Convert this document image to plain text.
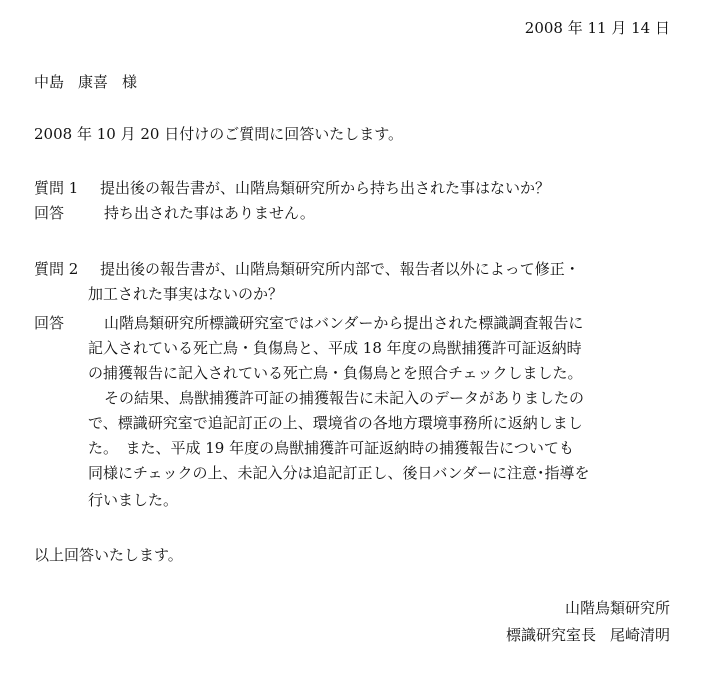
2008 年 11 月 14 日
中島 康喜 様
2008 年 10 月 20 日付けのご質問に回答いたします。
質問 1 提出後の報告書が、山階鳥類研究所から持ち出された事はないか？
回答	持ち出された事はありません。
質問 2 提出後の報告書が、山階鳥類研究所内部で、報告者以外によって修正・
加工された事実はないのか？
回答	山階鳥類研究所標識研究室ではバンダーから提出された標識調査報告に
記入されている死亡鳥・負傷鳥と、平成 18 年度の鳥獣捕獲許可証返納時
の捕獲報告に記入されている死亡鳥・負傷鳥とを照合チェックしました。
その結果、鳥獣捕獲許可証の捕獲報告に未記入のデータがありましたの
で、標識研究室で追記訂正の上、環境省の各地方環境事務所に返納しまし
た。　また、平成 19 年度の鳥獣捕獲許可証返納時の捕獲報告についても
同様にチェックの上、未記入分は追記訂正し、後日バンダーに注意･指導を
行いました。
以上回答いたします。
山階鳥類研究所
標識研究室長 尾崎清明
